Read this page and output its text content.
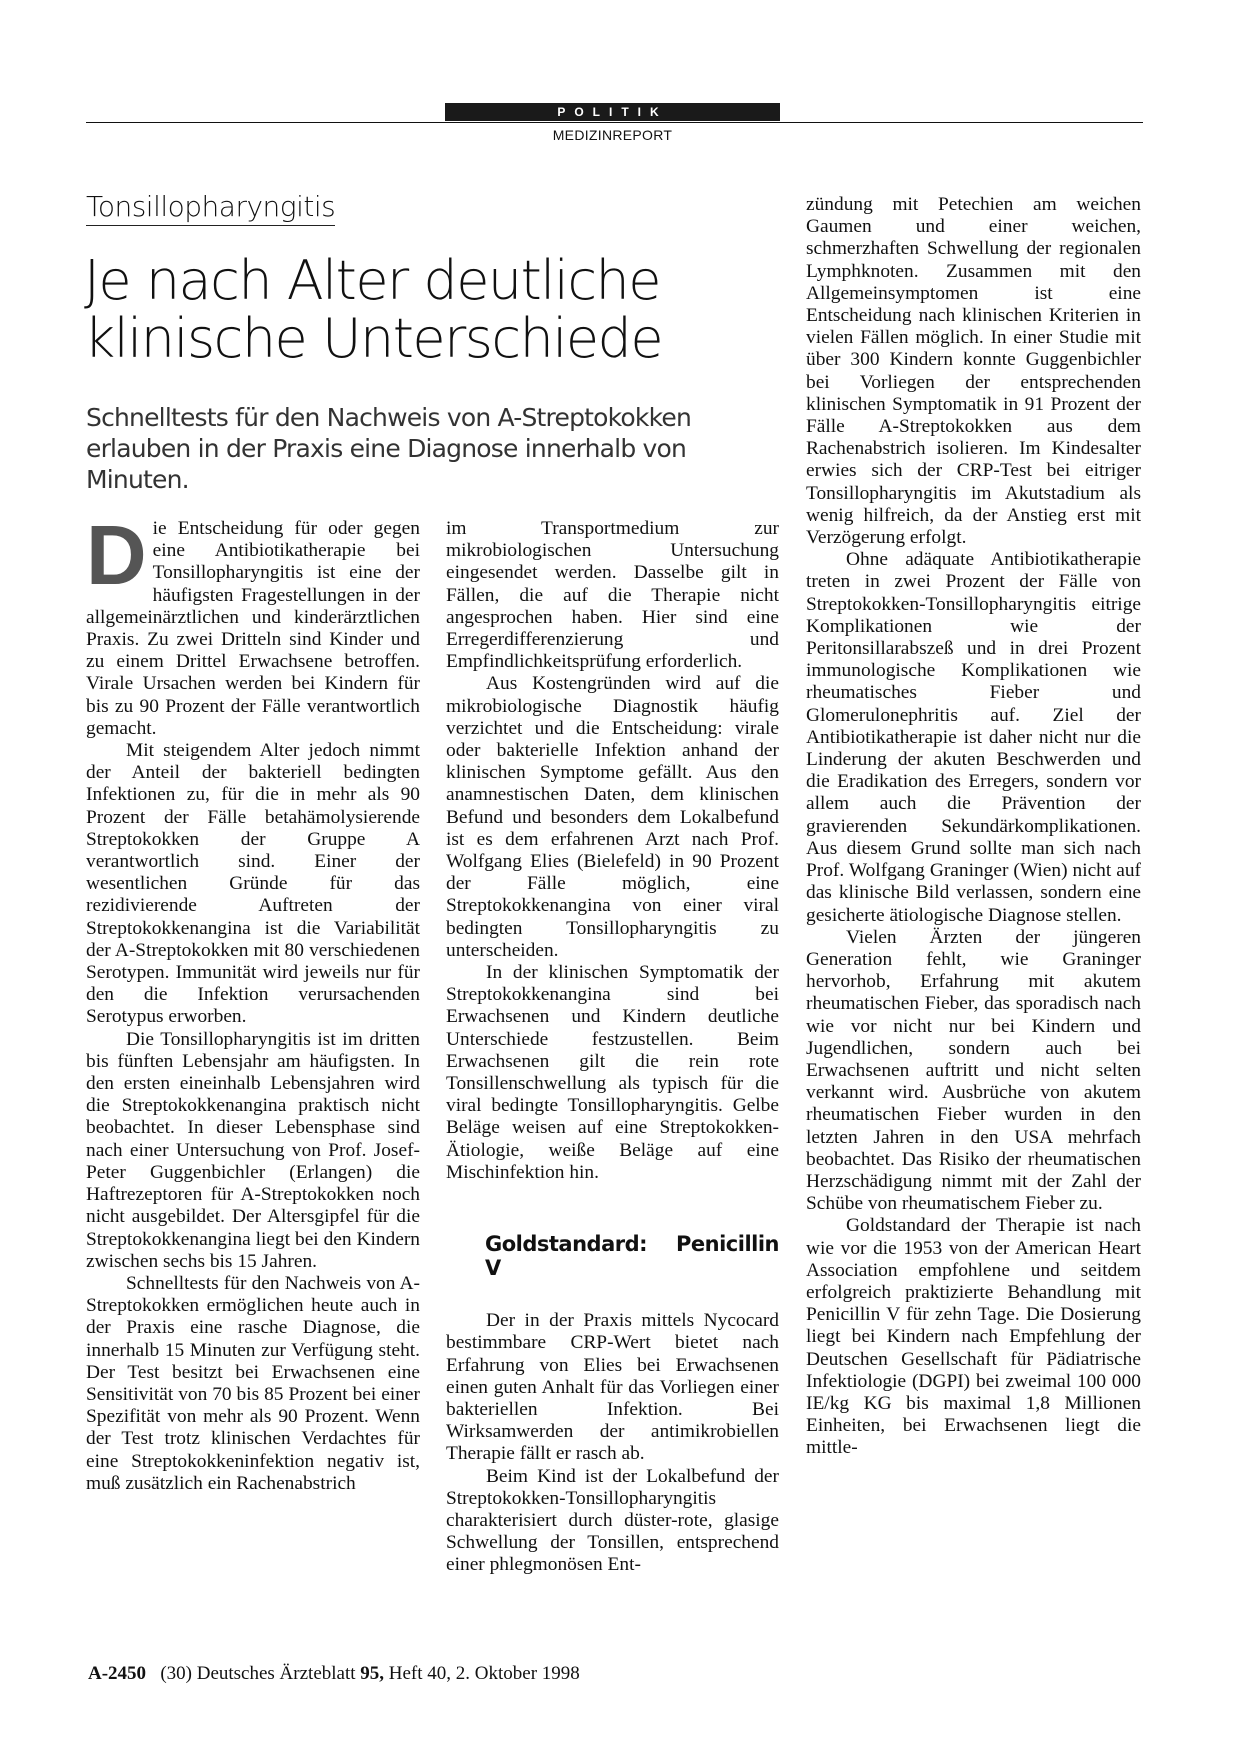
POLITIK
MEDIZINREPORT
Tonsillopharyngitis
Je nach Alter deutliche
klinische Unterschiede
Schnelltests für den Nachweis von A-Streptokokken erlauben in der Praxis eine Diagnose innerhalb von Minuten.

Die Entscheidung für oder gegen eine Antibiotikatherapie bei Tonsillopharyngitis ist eine der häufigsten Fragestellungen in der allgemeinärztlichen und kinderärztlichen Praxis. Zu zwei Dritteln sind Kinder und zu einem Drittel Erwachsene betroffen. Virale Ursachen werden bei Kindern für bis zu 90 Prozent der Fälle verantwortlich gemacht.

Mit steigendem Alter jedoch nimmt der Anteil der bakteriell bedingten Infektionen zu, für die in mehr als 90 Prozent der Fälle betahämolysierende Streptokokken der Gruppe A verantwortlich sind. Einer der wesentlichen Gründe für das rezidivierende Auftreten der Streptokokkenangina ist die Variabilität der A-Streptokokken mit 80 verschiedenen Serotypen. Immunität wird jeweils nur für den die Infektion verursachenden Serotypus erworben.

Die Tonsillopharyngitis ist im dritten bis fünften Lebensjahr am häufigsten. In den ersten eineinhalb Lebensjahren wird die Streptokokkenangina praktisch nicht beobachtet. In dieser Lebensphase sind nach einer Untersuchung von Prof. Josef-Peter Guggenbichler (Erlangen) die Haftrezeptoren für A-Streptokokken noch nicht ausgebildet. Der Altersgipfel für die Streptokokkenangina liegt bei den Kindern zwischen sechs bis 15 Jahren.

Schnelltests für den Nachweis von A-Streptokokken ermöglichen heute auch in der Praxis eine rasche Diagnose, die innerhalb 15 Minuten zur Verfügung steht. Der Test besitzt bei Erwachsenen eine Sensitivität von 70 bis 85 Prozent bei einer Spezifität von mehr als 90 Prozent. Wenn der Test trotz klinischen Verdachtes für eine Streptokokkeninfektion negativ ist, muß zusätzlich ein Rachenabstrich

im Transportmedium zur mikrobiologischen Untersuchung eingesendet werden. Dasselbe gilt in Fällen, die auf die Therapie nicht angesprochen haben. Hier sind eine Erregerdifferenzierung und Empfindlichkeitsprüfung erforderlich.

Aus Kostengründen wird auf die mikrobiologische Diagnostik häufig verzichtet und die Entscheidung: virale oder bakterielle Infektion anhand der klinischen Symptome gefällt. Aus den anamnestischen Daten, dem klinischen Befund und besonders dem Lokalbefund ist es dem erfahrenen Arzt nach Prof. Wolfgang Elies (Bielefeld) in 90 Prozent der Fälle möglich, eine Streptokokkenangina von einer viral bedingten Tonsillopharyngitis zu unterscheiden.

In der klinischen Symptomatik der Streptokokkenangina sind bei Erwachsenen und Kindern deutliche Unterschiede festzustellen. Beim Erwachsenen gilt die rein rote Tonsillenschwellung als typisch für die viral bedingte Tonsillopharyngitis. Gelbe Beläge weisen auf eine Streptokokken-Ätiologie, weiße Beläge auf eine Mischinfektion hin.

Goldstandard: Penicillin V

Der in der Praxis mittels Nycocard bestimmbare CRP-Wert bietet nach Erfahrung von Elies bei Erwachsenen einen guten Anhalt für das Vorliegen einer bakteriellen Infektion. Bei Wirksamwerden der antimikrobiellen Therapie fällt er rasch ab.

Beim Kind ist der Lokalbefund der Streptokokken-Tonsillopharyngitis charakterisiert durch düster-rote, glasige Schwellung der Tonsillen, entsprechend einer phlegmonösen Ent-

zündung mit Petechien am weichen Gaumen und einer weichen, schmerzhaften Schwellung der regionalen Lymphknoten. Zusammen mit den Allgemeinsymptomen ist eine Entscheidung nach klinischen Kriterien in vielen Fällen möglich. In einer Studie mit über 300 Kindern konnte Guggenbichler bei Vorliegen der entsprechenden klinischen Symptomatik in 91 Prozent der Fälle A-Streptokokken aus dem Rachenabstrich isolieren. Im Kindesalter erwies sich der CRP-Test bei eitriger Tonsillopharyngitis im Akutstadium als wenig hilfreich, da der Anstieg erst mit Verzögerung erfolgt.

Ohne adäquate Antibiotikatherapie treten in zwei Prozent der Fälle von Streptokokken-Tonsillopharyngitis eitrige Komplikationen wie der Peritonsillarabszeß und in drei Prozent immunologische Komplikationen wie rheumatisches Fieber und Glomerulonephritis auf. Ziel der Antibiotikatherapie ist daher nicht nur die Linderung der akuten Beschwerden und die Eradikation des Erregers, sondern vor allem auch die Prävention der gravierenden Sekundärkomplikationen. Aus diesem Grund sollte man sich nach Prof. Wolfgang Graninger (Wien) nicht auf das klinische Bild verlassen, sondern eine gesicherte ätiologische Diagnose stellen.

Vielen Ärzten der jüngeren Generation fehlt, wie Graninger hervorhob, Erfahrung mit akutem rheumatischen Fieber, das sporadisch nach wie vor nicht nur bei Kindern und Jugendlichen, sondern auch bei Erwachsenen auftritt und nicht selten verkannt wird. Ausbrüche von akutem rheumatischen Fieber wurden in den letzten Jahren in den USA mehrfach beobachtet. Das Risiko der rheumatischen Herzschädigung nimmt mit der Zahl der Schübe von rheumatischem Fieber zu.

Goldstandard der Therapie ist nach wie vor die 1953 von der American Heart Association empfohlene und seitdem erfolgreich praktizierte Behandlung mit Penicillin V für zehn Tage. Die Dosierung liegt bei Kindern nach Empfehlung der Deutschen Gesellschaft für Pädiatrische Infektiologie (DGPI) bei zweimal 100 000 IE/kg KG bis maximal 1,8 Millionen Einheiten, bei Erwachsenen liegt die mittle-

A-2450 (30) Deutsches Ärzteblatt 95, Heft 40, 2. Oktober 1998
